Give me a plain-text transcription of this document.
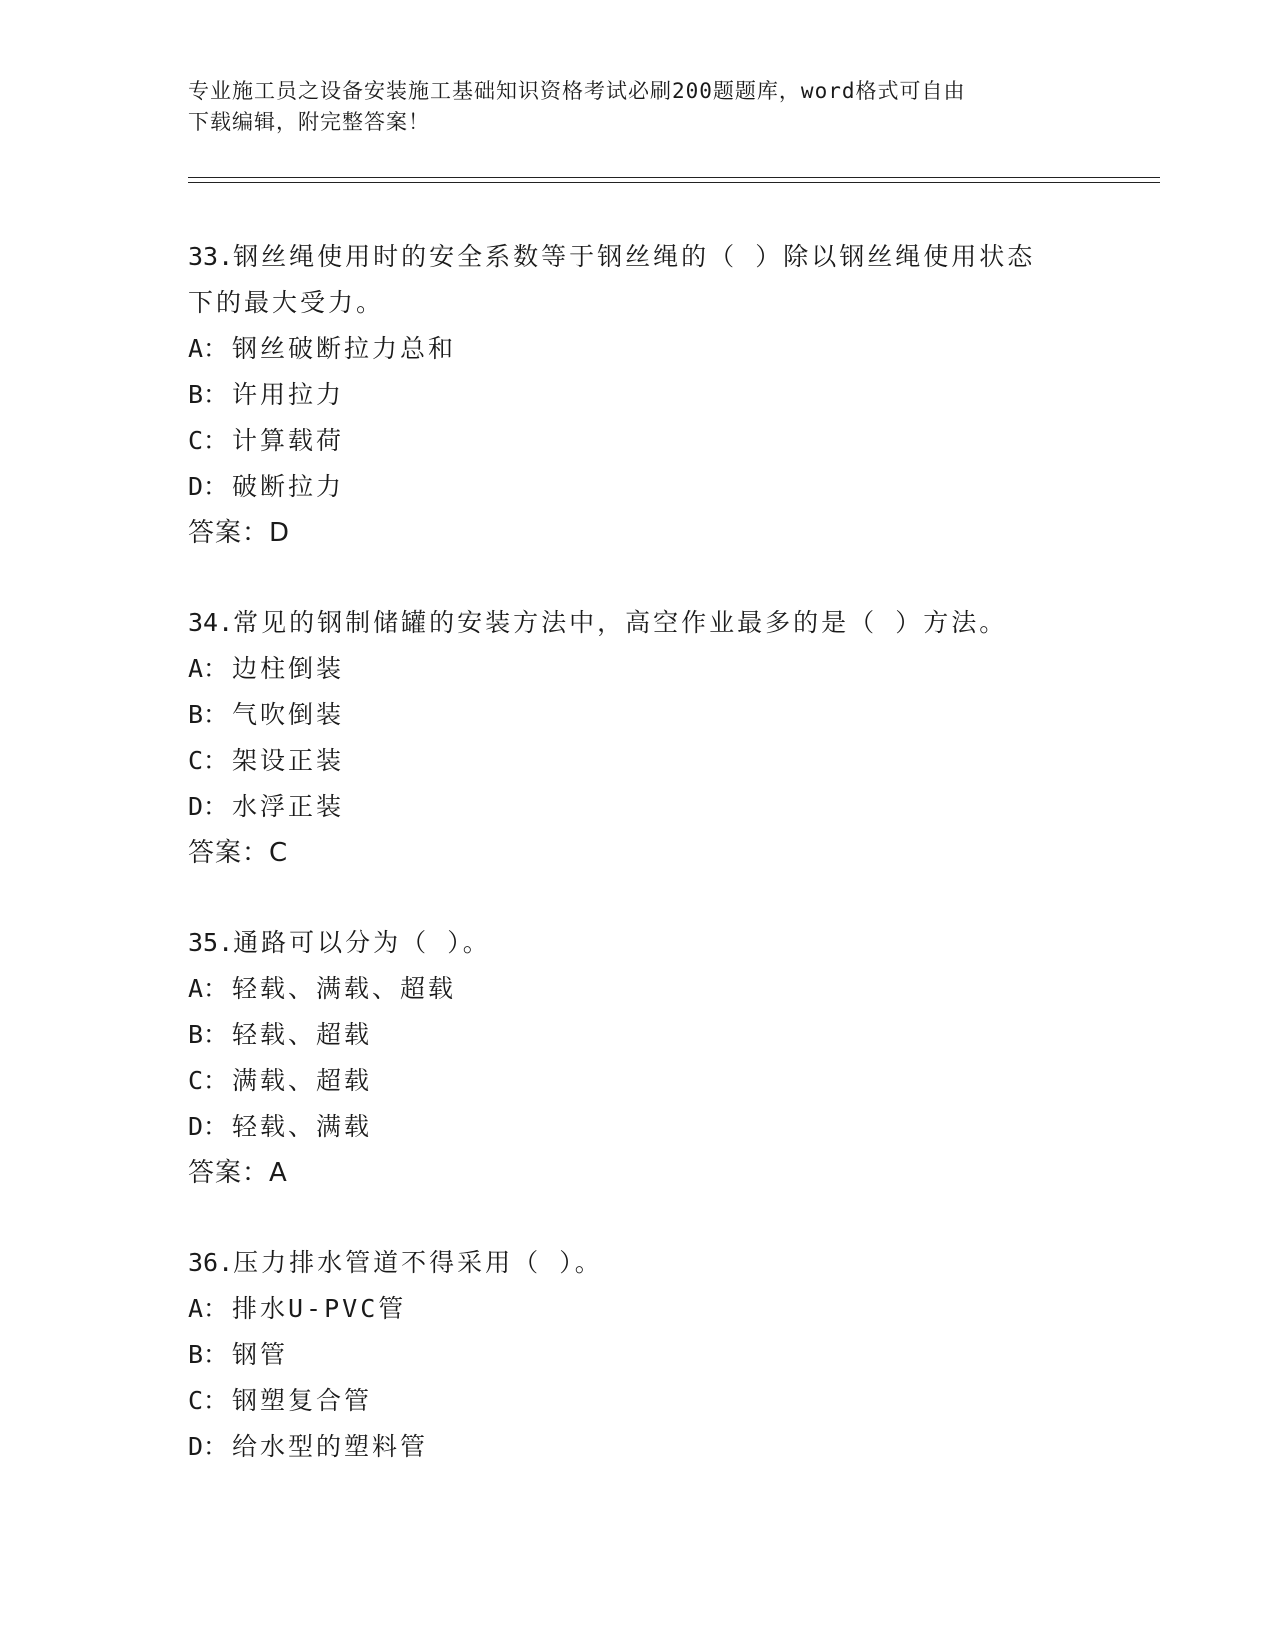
专业施工员之设备安装施工基础知识资格考试必刷200题题库，word格式可自由
下载编辑，附完整答案！
33.钢丝绳使用时的安全系数等于钢丝绳的（ ）除以钢丝绳使用状态
下的最大受力。
A： 钢丝破断拉力总和
B： 许用拉力
C： 计算载荷
D： 破断拉力
答案：D
34.常见的钢制储罐的安装方法中，高空作业最多的是（ ）方法。
A： 边柱倒装
B： 气吹倒装
C： 架设正装
D： 水浮正装
答案：C
35.通路可以分为（ ）。
A： 轻载、满载、超载
B： 轻载、超载
C： 满载、超载
D： 轻载、满载
答案：A
36.压力排水管道不得采用（ ）。
A： 排水U-PVC管
B： 钢管
C： 钢塑复合管
D： 给水型的塑料管
